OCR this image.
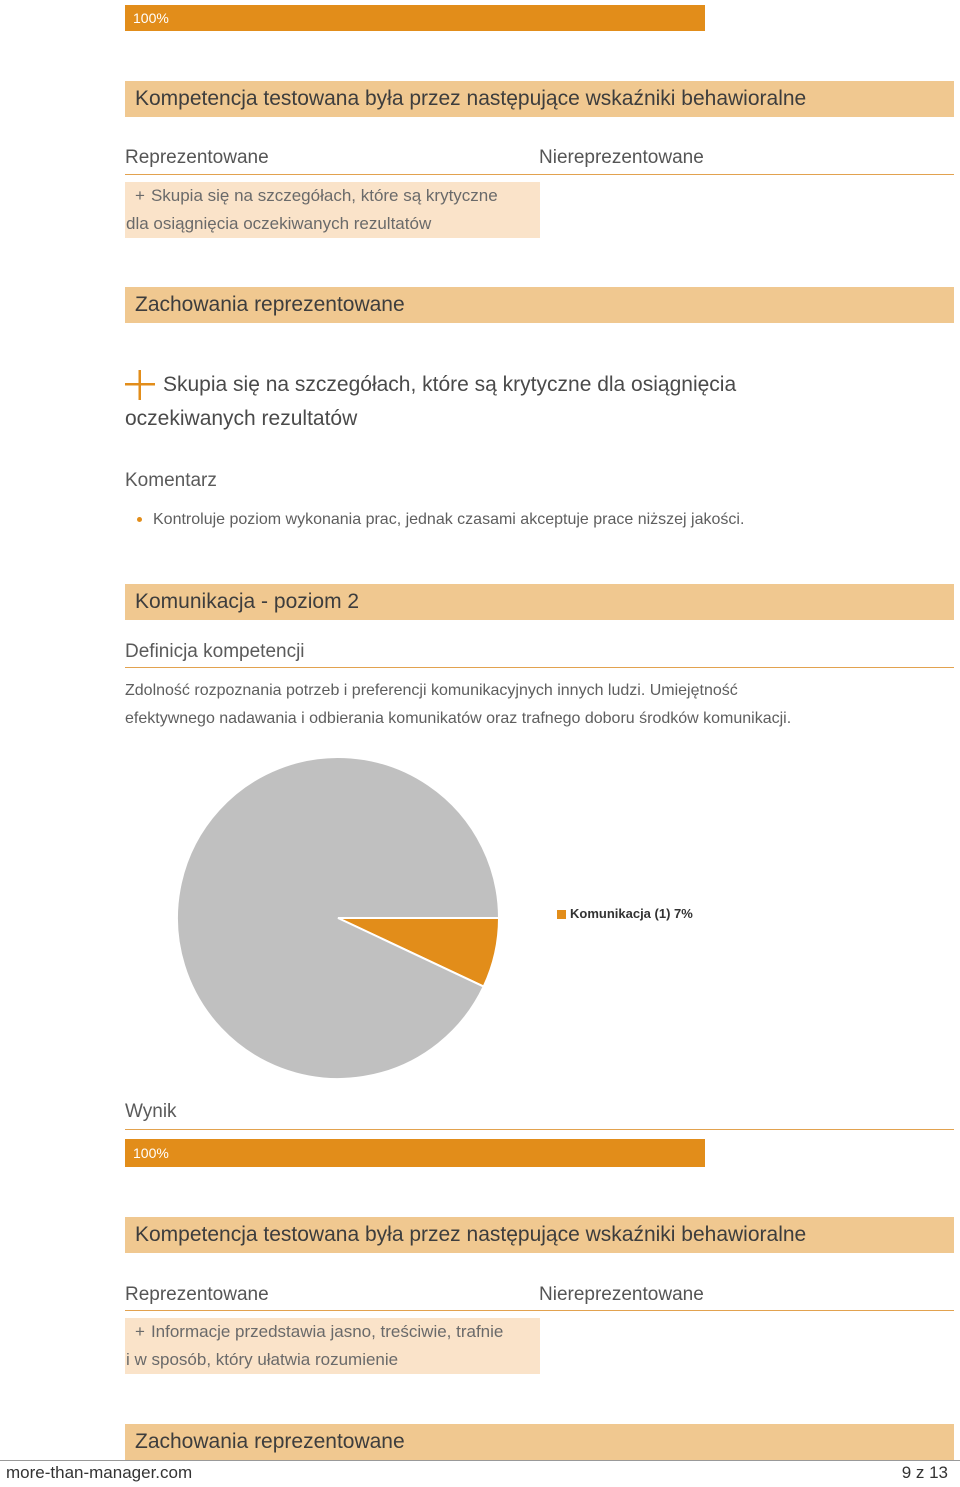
100%
Kompetencja testowana była przez następujące wskaźniki behawioralne
Reprezentowane	Niereprezentowane
+ Skupia się na szczegółach, które są krytyczne
dla osiągnięcia oczekiwanych rezultatów
Zachowania reprezentowane
Skupia się na szczegółach, które są krytyczne dla osiągnięcia
oczekiwanych rezultatów
Komentarz
Kontroluje poziom wykonania prac, jednak czasami akceptuje prace niższej jakości.
Komunikacja - poziom 2
Definicja kompetencji
Zdolność rozpoznania potrzeb i preferencji komunikacyjnych innych ludzi. Umiejętność
efektywnego nadawania i odbierania komunikatów oraz trafnego doboru środków komunikacji.
Komunikacja (1) 7%
Wynik
100%
Kompetencja testowana była przez następujące wskaźniki behawioralne
Reprezentowane	Niereprezentowane
+ Informacje przedstawia jasno, treściwie, trafnie
i w sposób, który ułatwia rozumienie
Zachowania reprezentowane
more-than-manager.com	9 z 13
